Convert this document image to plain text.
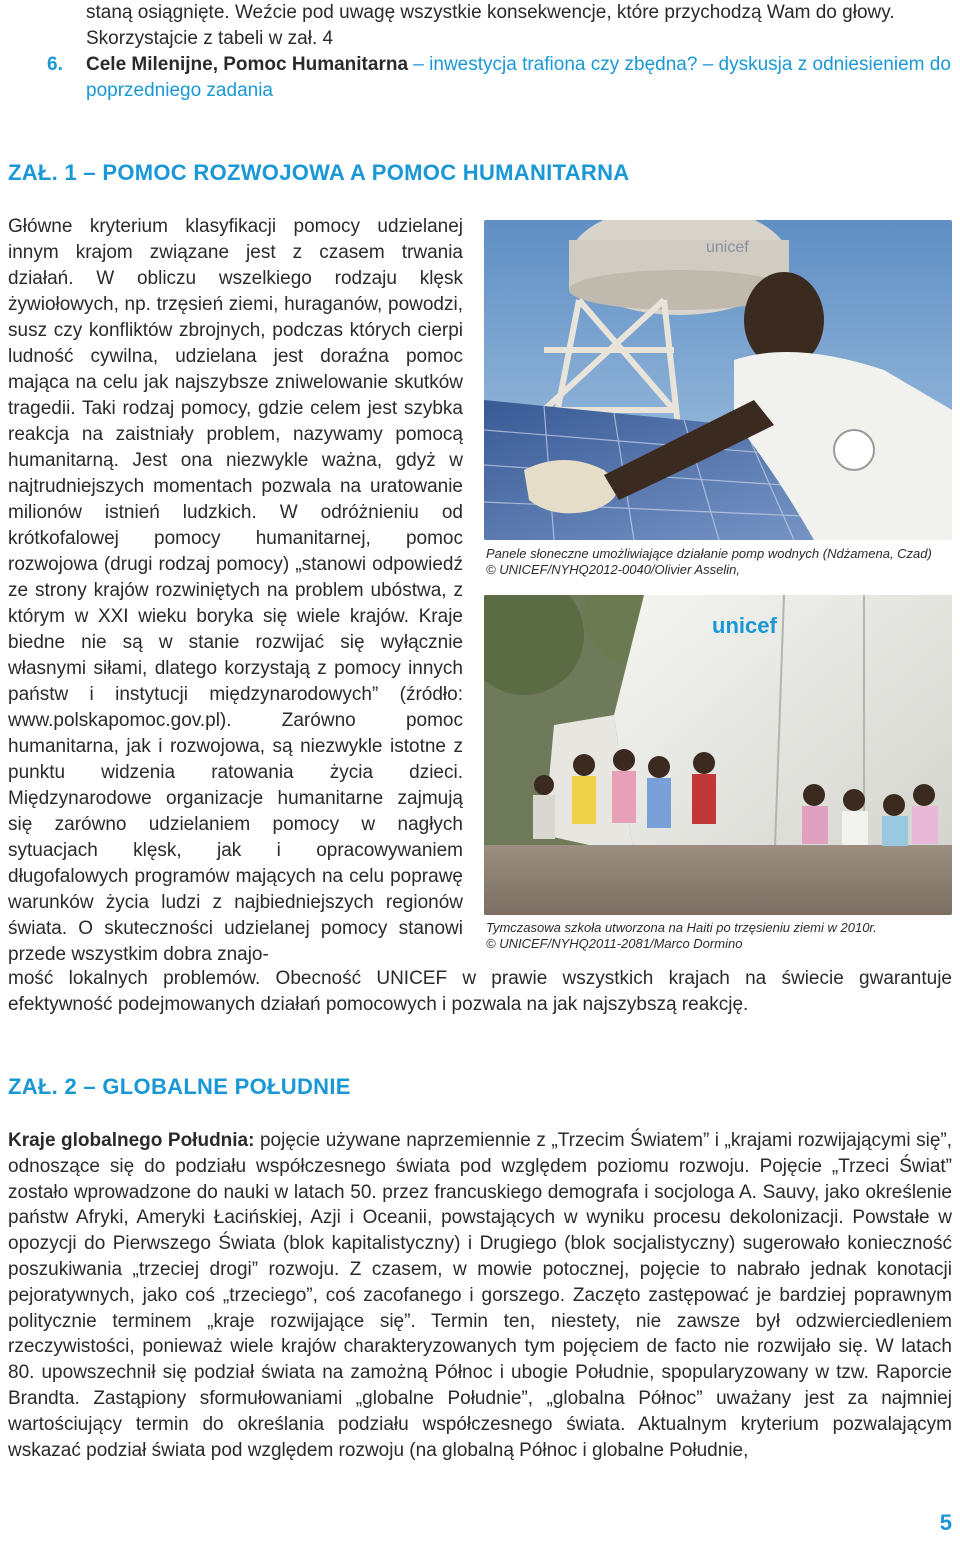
staną osiągnięte. Weźcie pod uwagę wszystkie konsekwencje, które przychodzą Wam do głowy. Skorzystajcie z tabeli w zał. 4

6. Cele Milenijne, Pomoc Humanitarna – inwestycja trafiona czy zbędna? – dyskusja z odniesieniem do poprzedniego zadania
ZAŁ. 1 – POMOC ROZWOJOWA A POMOC HUMANITARNA

Główne kryterium klasyfikacji pomocy udzielanej innym krajom związane jest z czasem trwania działań. W obliczu wszelkiego rodzaju klęsk żywiołowych, np. trzęsień ziemi, huraganów, powodzi, susz czy konfliktów zbrojnych, podczas których cierpi ludność cywilna, udzielana jest doraźna pomoc mająca na celu jak najszybsze zniwelowanie skutków tragedii. Taki rodzaj pomocy, gdzie celem jest szybka reakcja na zaistniały problem, nazywamy pomocą humanitarną. Jest ona niezwykle ważna, gdyż w najtrudniejszych momentach pozwala na uratowanie milionów istnień ludzkich. W odróżnieniu od krótkofalowej pomocy humanitarnej, pomoc rozwojowa (drugi rodzaj pomocy) „stanowi odpowiedź ze strony krajów rozwiniętych na problem ubóstwa, z którym w XXI wieku boryka się wiele krajów. Kraje biedne nie są w stanie rozwijać się wyłącznie własnymi siłami, dlatego korzystają z pomocy innych państw i instytucji międzynarodowych” (źródło: www.polskapomoc.gov.pl). Zarówno pomoc humanitarna, jak i rozwojowa, są niezwykle istotne z punktu widzenia ratowania życia dzieci. Międzynarodowe organizacje humanitarne zajmują się zarówno udzielaniem pomocy w nagłych sytuacjach klęsk, jak i opracowywaniem długofalowych programów mających na celu poprawę warunków życia ludzi z najbiedniejszych regionów świata. O skuteczności udzielanej pomocy stanowi przede wszystkim dobra znajo-

mość lokalnych problemów. Obecność UNICEF w prawie wszystkich krajach na świecie gwarantuje efektywność podejmowanych działań pomocowych i pozwala na jak najszybszą reakcję.

unicef
Panele słoneczne umożliwiające działanie pomp wodnych (Ndżamena, Czad)
© UNICEF/NYHQ2012-0040/Olivier Asselin,
unicef
Tymczasowa szkoła utworzona na Haiti po trzęsieniu ziemi w 2010r.
© UNICEF/NYHQ2011-2081/Marco Dormino
ZAŁ. 2 – GLOBALNE POŁUDNIE

Kraje globalnego Południa: pojęcie używane naprzemiennie z „Trzecim Światem” i „krajami rozwijającymi się”, odnoszące się do podziału współczesnego świata pod względem poziomu rozwoju. Pojęcie „Trzeci Świat” zostało wprowadzone do nauki w latach 50. przez francuskiego demografa i socjologa A. Sauvy, jako określenie państw Afryki, Ameryki Łacińskiej, Azji i Oceanii, powstających w wyniku procesu dekolonizacji. Powstałe w opozycji do Pierwszego Świata (blok kapitalistyczny) i Drugiego (blok socjalistyczny) sugerowało konieczność poszukiwania „trzeciej drogi” rozwoju. Z czasem, w mowie potocznej, pojęcie to nabrało jednak konotacji pejoratywnych, jako coś „trzeciego”, coś zacofanego i gorszego. Zaczęto zastępować je bardziej poprawnym politycznie terminem „kraje rozwijające się”. Termin ten, niestety, nie zawsze był odzwierciedleniem rzeczywistości, ponieważ wiele krajów charakteryzowanych tym pojęciem de facto nie rozwijało się. W latach 80. upowszechnił się podział świata na zamożną Północ i ubogie Południe, spopularyzowany w tzw. Raporcie Brandta. Zastąpiony sformułowaniami „globalne Południe”, „globalna Północ” uważany jest za najmniej wartościujący termin do określania podziału współczesnego świata. Aktualnym kryterium pozwalającym wskazać podział świata pod względem rozwoju (na globalną Północ i globalne Południe,

5
